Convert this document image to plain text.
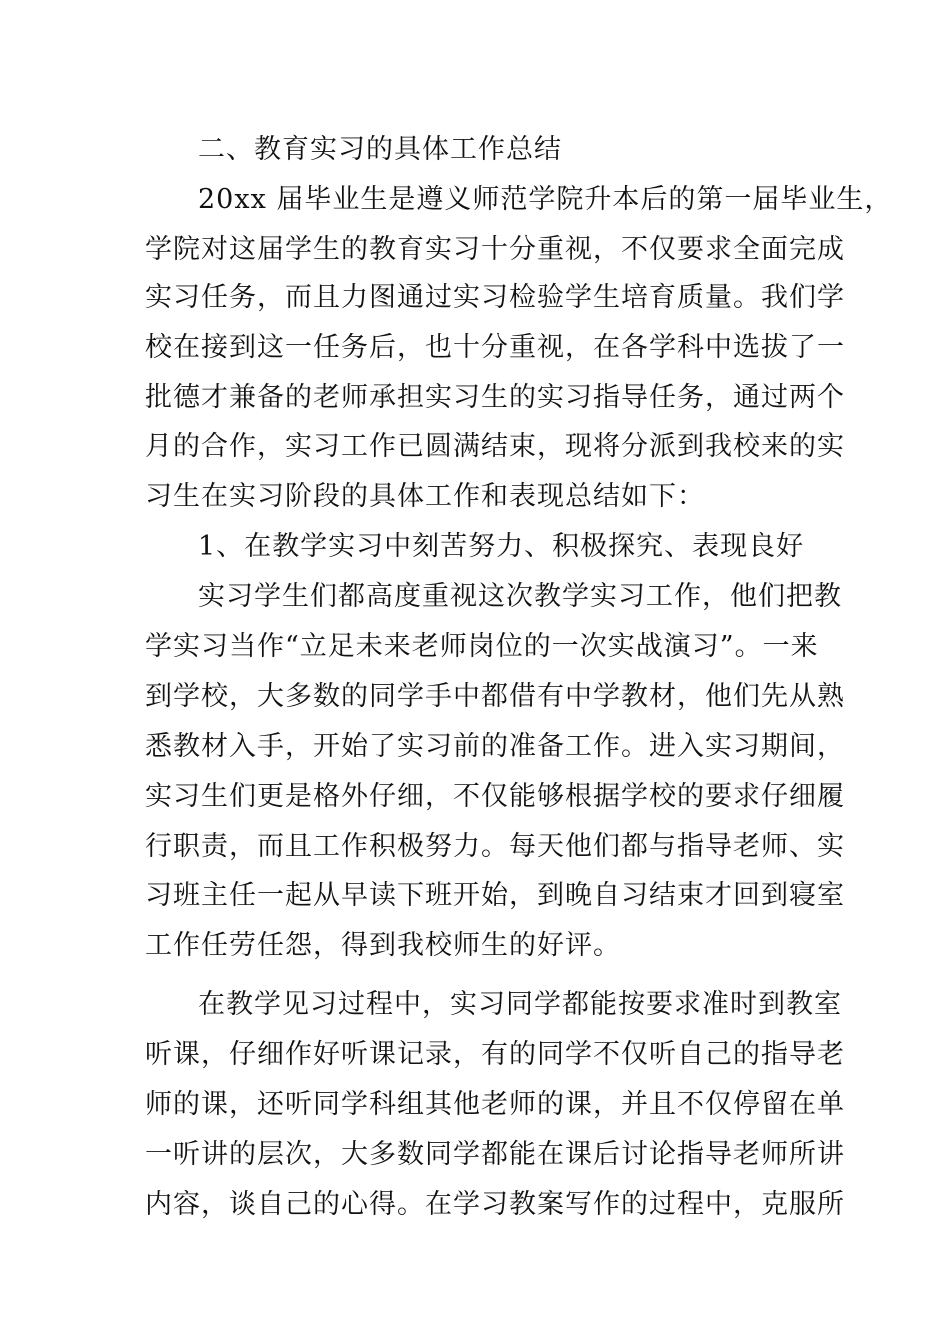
二、教育实习的具体工作总结
20xx 届毕业生是遵义师范学院升本后的第一届毕业生，
学院对这届学生的教育实习十分重视，不仅要求全面完成
实习任务，而且力图通过实习检验学生培育质量。我们学
校在接到这一任务后，也十分重视，在各学科中选拔了一
批德才兼备的老师承担实习生的实习指导任务，通过两个
月的合作，实习工作已圆满结束，现将分派到我校来的实
习生在实习阶段的具体工作和表现总结如下：
1、在教学实习中刻苦努力、积极探究、表现良好
实习学生们都高度重视这次教学实习工作，他们把教
学实习当作“立足未来老师岗位的一次实战演习”。一来
到学校，大多数的同学手中都借有中学教材，他们先从熟
悉教材入手，开始了实习前的准备工作。进入实习期间，
实习生们更是格外仔细，不仅能够根据学校的要求仔细履
行职责，而且工作积极努力。每天他们都与指导老师、实
习班主任一起从早读下班开始，到晚自习结束才回到寝室
工作任劳任怨，得到我校师生的好评。
在教学见习过程中，实习同学都能按要求准时到教室
听课，仔细作好听课记录，有的同学不仅听自己的指导老
师的课，还听同学科组其他老师的课，并且不仅停留在单
一听讲的层次，大多数同学都能在课后讨论指导老师所讲
内容，谈自己的心得。在学习教案写作的过程中，克服所
